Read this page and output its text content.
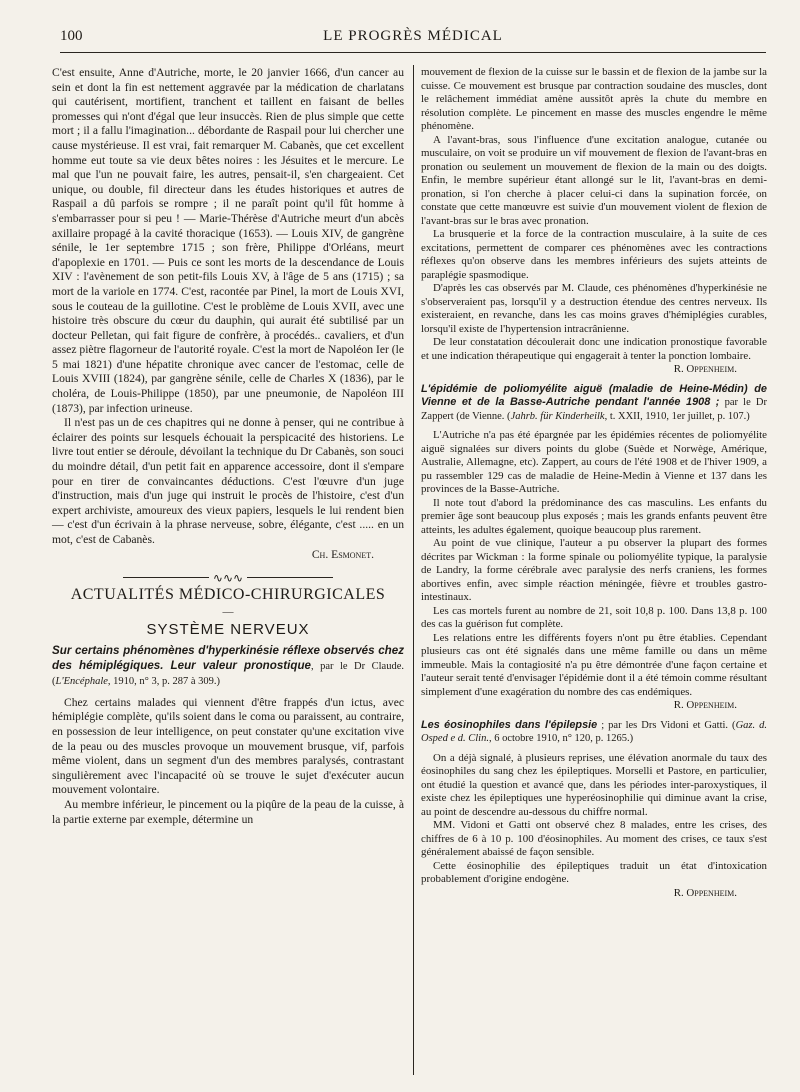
100	LE PROGRÈS MÉDICAL

C'est ensuite, Anne d'Autriche, morte, le 20 janvier 1666, d'un cancer au sein et dont la fin est nettement aggravée par la médication de charlatans qui cautérisent, mortifient, tranchent et taillent en faisant de belles promesses qui n'ont d'égal que leur insuccès. Rien de plus simple que cette mort ; il a fallu l'imagination... débordante de Raspail pour lui chercher une cause mystérieuse. Il est vrai, fait remarquer M. Cabanès, que cet excellent homme eut toute sa vie deux bêtes noires : les Jésuites et le mercure. Le mal que l'un ne pouvait faire, les autres, pensait-il, s'en chargeaient. Cet unique, ou double, fil directeur dans les études historiques et autres de Raspail a dû parfois se rompre ; il ne paraît point qu'il fût homme à s'embarrasser pour si peu ! — Marie-Thérèse d'Autriche meurt d'un abcès axillaire propagé à la cavité thoracique (1653). — Louis XIV, de gangrène sénile, le 1er septembre 1715 ; son frère, Philippe d'Orléans, meurt d'apoplexie en 1701. — Puis ce sont les morts de la descendance de Louis XIV : l'avènement de son petit-fils Louis XV, à l'âge de 5 ans (1715) ; sa mort de la variole en 1774. C'est, racontée par Pinel, la mort de Louis XVI, sous le couteau de la guillotine. C'est le problème de Louis XVII, avec une histoire très obscure du cœur du dauphin, qui aurait été subtilisé par un docteur Pelletan, qui fait figure de confrère, à procédés.. cavaliers, et d'un assez piètre flagorneur de l'autorité royale. C'est la mort de Napoléon Ier (le 5 mai 1821) d'une hépatite chronique avec cancer de l'estomac, celle de Louis XVIII (1824), par gangrène sénile, celle de Charles X (1836), par le choléra, de Louis-Philippe (1850), par une pneumonie, de Napoléon III (1873), par infection urineuse.

Il n'est pas un de ces chapitres qui ne donne à penser, qui ne contribue à éclairer des points sur lesquels échouait la perspicacité des historiens. Le livre tout entier se déroule, dévoilant la technique du Dr Cabanès, son souci du moindre détail, d'un petit fait en apparence accessoire, dont il s'empare pour en tirer de convaincantes déductions. C'est l'œuvre d'un juge d'instruction, mais d'un juge qui instruit le procès de l'histoire, c'est d'un expert archiviste, amoureux des vieux papiers, lesquels le lui rendent bien — c'est d'un écrivain à la phrase nerveuse, sobre, élégante, c'est ..... en un mot, c'est de Cabanès.

Ch. Esmonet.
∿∿∿
ACTUALITÉS MÉDICO-CHIRURGICALES
—
SYSTÈME NERVEUX

Sur certains phénomènes d'hyperkinésie réflexe observés chez des hémiplégiques. Leur valeur pronostique, par le Dr Claude. (L'Encéphale, 1910, n° 3, p. 287 à 309.)

Chez certains malades qui viennent d'être frappés d'un ictus, avec hémiplégie complète, qu'ils soient dans le coma ou paraissent, au contraire, en possession de leur intelligence, on peut constater qu'une excitation vive de la peau ou des muscles provoque un mouvement brusque, vif, parfois même violent, dans un segment d'un des membres paralysés, contrastant singulièrement avec l'incapacité où se trouve le sujet d'exécuter aucun mouvement volontaire.

Au membre inférieur, le pincement ou la piqûre de la peau de la cuisse, à la partie externe par exemple, détermine un

mouvement de flexion de la cuisse sur le bassin et de flexion de la jambe sur la cuisse. Ce mouvement est brusque par contraction soudaine des muscles, dont le relâchement immédiat amène aussitôt après la chute du membre en résolution complète. Le pincement en masse des muscles engendre le même phénomène.

A l'avant-bras, sous l'influence d'une excitation analogue, cutanée ou musculaire, on voit se produire un vif mouvement de flexion de l'avant-bras en pronation ou seulement un mouvement de flexion de la main ou des doigts. Enfin, le membre supérieur étant allongé sur le lit, l'avant-bras en demi-pronation, si l'on cherche à placer celui-ci dans la supination forcée, on constate que cette manœuvre est suivie d'un mouvement violent de flexion de l'avant-bras sur le bras avec pronation.

La brusquerie et la force de la contraction musculaire, à la suite de ces excitations, permettent de comparer ces phénomènes avec les contractions réflexes qu'on observe dans les membres inférieurs des sujets atteints de paraplégie spasmodique.

D'après les cas observés par M. Claude, ces phénomènes d'hyperkinésie ne s'observeraient pas, lorsqu'il y a destruction étendue des centres nerveux. Ils existeraient, en revanche, dans les cas moins graves d'hémiplégies curables, lorsqu'il existe de l'hypertension intracrânienne.

De leur constatation découlerait donc une indication pronostique favorable et une indication thérapeutique qui engagerait à tenter la ponction lombaire.

R. Oppenheim.

L'épidémie de poliomyélite aiguë (maladie de Heine-Médin) de Vienne et de la Basse-Autriche pendant l'année 1908 ; par le Dr Zappert (de Vienne. (Jahrb. für Kinderheilk, t. XXII, 1910, 1er juillet, p. 107.)

L'Autriche n'a pas été épargnée par les épidémies récentes de poliomyélite aiguë signalées sur divers points du globe (Suède et Norwège, Amérique, Australie, Allemagne, etc). Zappert, au cours de l'été 1908 et de l'hiver 1909, a pu rassembler 129 cas de maladie de Heine-Medin à Vienne et 137 dans les provinces de la Basse-Autriche.

Il note tout d'abord la prédominance des cas masculins. Les enfants du premier âge sont beaucoup plus exposés ; mais les grands enfants peuvent être atteints, les adultes également, quoique beaucoup plus rarement.

Au point de vue clinique, l'auteur a pu observer la plupart des formes décrites par Wickman : la forme spinale ou poliomyélite typique, la paralysie de Landry, la forme cérébrale avec paralysie des nerfs craniens, les formes abortives enfin, avec simple réaction méningée, fièvre et troubles gastro-intestinaux.

Les cas mortels furent au nombre de 21, soit 10,8 p. 100. Dans 13,8 p. 100 des cas la guérison fut complète.

Les relations entre les différents foyers n'ont pu être établies. Cependant plusieurs cas ont été signalés dans une même famille ou dans un même immeuble. Mais la contagiosité n'a pu être démontrée d'une façon certaine et l'auteur serait tenté d'envisager l'épidémie dont il a été témoin comme résultant simplement d'une exagération du nombre des cas endémiques.

R. Oppenheim.

Les éosinophiles dans l'épilepsie ; par les Drs Vidoni et Gatti. (Gaz. d. Osped e d. Clin., 6 octobre 1910, n° 120, p. 1265.)

On a déjà signalé, à plusieurs reprises, une élévation anormale du taux des éosinophiles du sang chez les épileptiques. Morselli et Pastore, en particulier, ont étudié la question et avancé que, dans les périodes inter-paroxystiques, il existe chez les épileptiques une hyperéosinophilie qui diminue avant la crise, au point de descendre au-dessous du chiffre normal.

MM. Vidoni et Gatti ont observé chez 8 malades, entre les crises, des chiffres de 6 à 10 p. 100 d'éosinophiles. Au moment des crises, ce taux s'est généralement abaissé de façon sensible.

Cette éosinophilie des épileptiques traduit un état d'intoxication probablement d'origine endogène.

R. Oppenheim.
